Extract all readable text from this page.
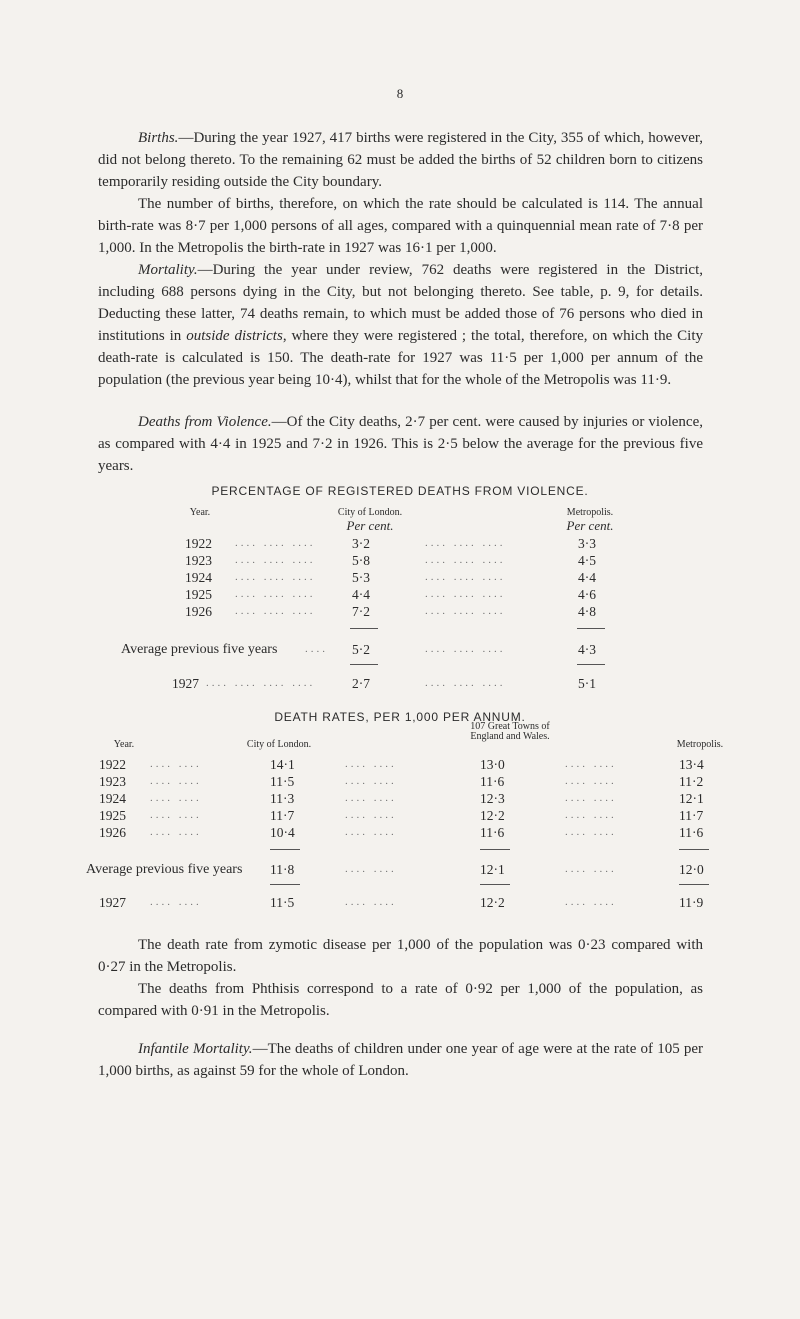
8

Births.—During the year 1927, 417 births were registered in the City, 355 of which, however, did not belong thereto. To the remaining 62 must be added the births of 52 children born to citizens temporarily residing outside the City boundary.

The number of births, therefore, on which the rate should be calculated is 114. The annual birth-rate was 8·7 per 1,000 persons of all ages, compared with a quinquennial mean rate of 7·8 per 1,000. In the Metropolis the birth-rate in 1927 was 16·1 per 1,000.

Mortality.—During the year under review, 762 deaths were registered in the District, including 688 persons dying in the City, but not belonging thereto. See table, p. 9, for details. Deducting these latter, 74 deaths remain, to which must be added those of 76 persons who died in institutions in outside districts, where they were registered ; the total, therefore, on which the City death-rate is calculated is 150. The death-rate for 1927 was 11·5 per 1,000 per annum of the population (the previous year being 10·4), whilst that for the whole of the Metropolis was 11·9.

Deaths from Violence.—Of the City deaths, 2·7 per cent. were caused by injuries or violence, as compared with 4·4 in 1925 and 7·2 in 1926. This is 2·5 below the average for the previous five years.

PERCENTAGE OF REGISTERED DEATHS FROM VIOLENCE.
Year.	City of London.
Per cent.
Metropolis.
Per cent.
1922 .... .... ....	3·2	.... .... ....	3·3
1923 .... .... ....	5·8	.... .... ....	4·5
1924 .... .... ....	5·3	.... .... ....	4·4
1925 .... .... ....	4·4	.... .... ....	4·6
1926 .... .... ....	7·2	.... .... ....	4·8
Average previous five years	.... 5·2	.... .... ....	4·3
1927 .... .... .... ....	2·7	.... .... ....	5·1
DEATH RATES, PER 1,000 PER ANNUM.
Year.	City of London.
107 Great Towns of England and Wales.
Metropolis.
1922 .... ....	14·1	.... ....	13·0	.... ....	13·4
1923 .... ....	11·5	.... ....	11·6	.... ....	11·2
1924 .... ....	11·3	.... ....	12·3	.... ....	12·1
1925 .... ....	11·7	.... ....	12·2	.... ....	11·7
1926 .... ....	10·4	.... ....	11·6	.... ....	11·6
Average previous five years 11·8	.... ....	12·1	.... ....	12·0
1927 .... ....	11·5	.... ....	12·2	.... ....	11·9

The death rate from zymotic disease per 1,000 of the population was 0·23 compared with 0·27 in the Metropolis.

The deaths from Phthisis correspond to a rate of 0·92 per 1,000 of the population, as compared with 0·91 in the Metropolis.

Infantile Mortality.—The deaths of children under one year of age were at the rate of 105 per 1,000 births, as against 59 for the whole of London.
